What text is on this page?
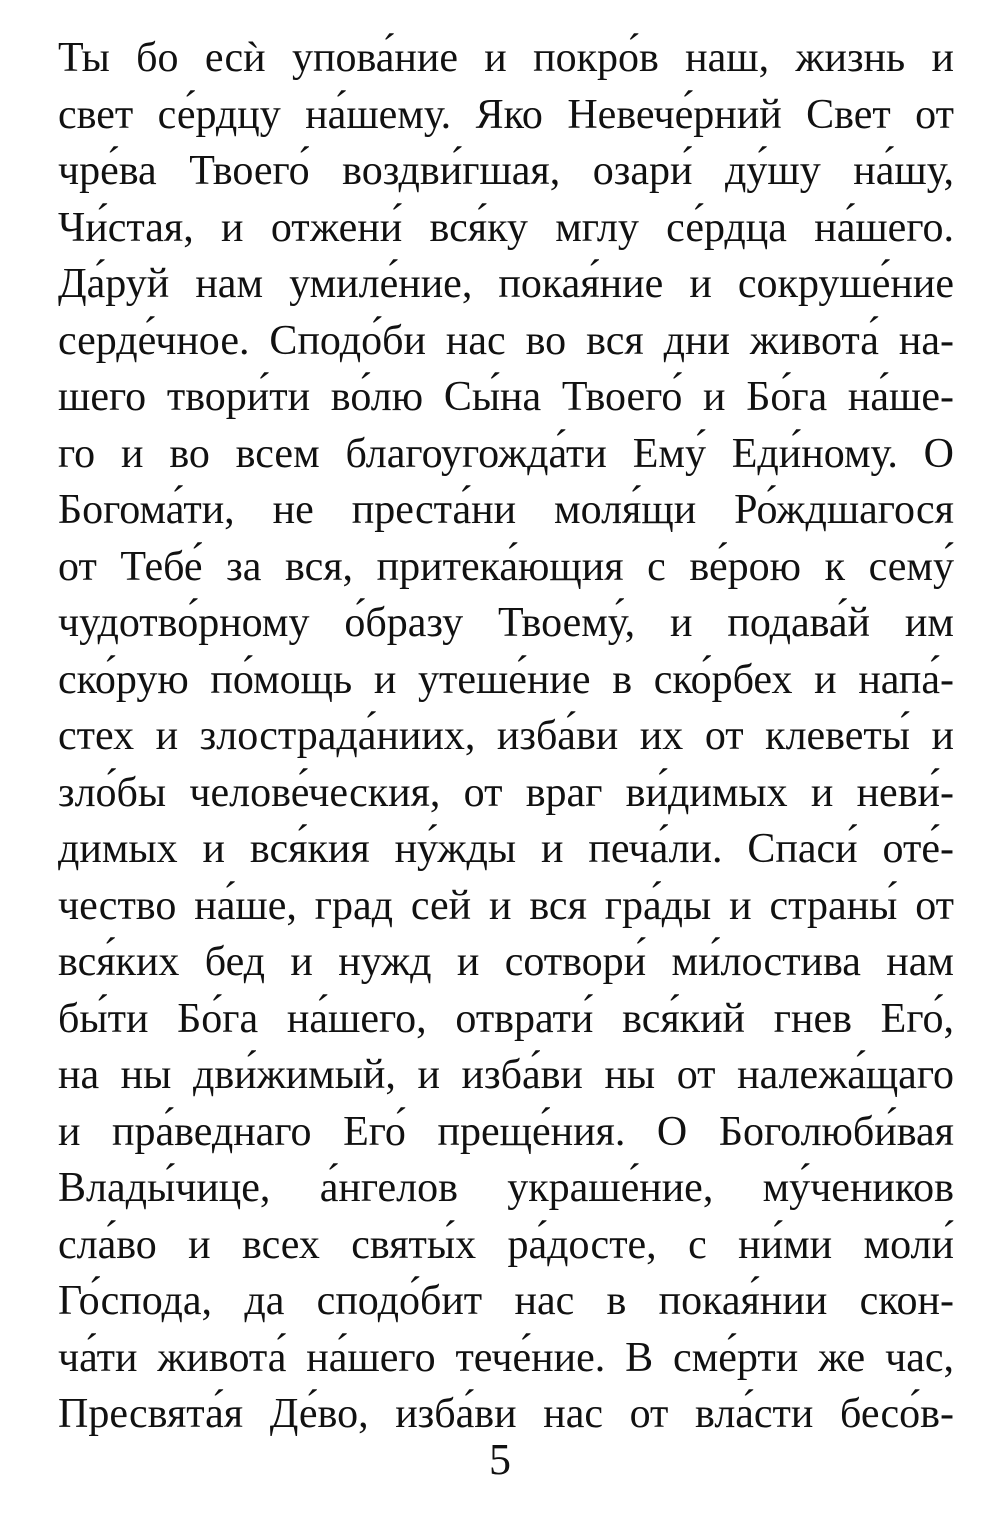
Ты бо есѝ упова́ние и покро́в наш, жизнь и
свет се́рдцу на́шему. Яко Невече́рний Свет от
чре́ва Твоего́ воздви́гшая, озари́ ду́шу на́шу,
Чи́стая, и отжени́ вся́ку мглу се́рдца на́шего.
Да́руй нам умиле́ние, покая́ние и сокруше́ние
серде́чное. Сподо́би нас во вся дни живота́ на-
шего твори́ти во́лю Сы́на Твоего́ и Бо́га на́ше-
го и во всем благоугожда́ти Ему́ Еди́ному. О
Богома́ти, не преста́ни моля́щи Ро́ждшагося
от Тебе́ за вся, притека́ющия с ве́рою к сему́
чудотво́рному о́бразу Твоему́, и подава́й им
ско́рую по́мощь и утеше́ние в ско́рбех и напа́-
стех и злострада́ниих, изба́ви их от клеветы́ и
зло́бы челове́ческия, от враг ви́димых и неви́-
димых и вся́кия ну́жды и печа́ли. Спаси́ оте́-
чество на́ше, град сей и вся гра́ды и страны́ от
вся́ких бед и нужд и сотвори́ ми́лостива нам
бы́ти Бо́га на́шего, отврати́ вся́кий гнев Его́,
на ны дви́жимый, и изба́ви ны от належа́щаго
и пра́веднаго Его́ преще́ния. О Боголюби́вая
Влады́чице, а́нгелов украше́ние, му́чеников
сла́во и всех святы́х ра́досте, с ни́ми моли́
Го́спода, да сподо́бит нас в покая́нии скон-
ча́ти живота́ на́шего тече́ние. В сме́рти же час,
Пресвята́я Де́во, изба́ви нас от вла́сти бесо́в-
5
